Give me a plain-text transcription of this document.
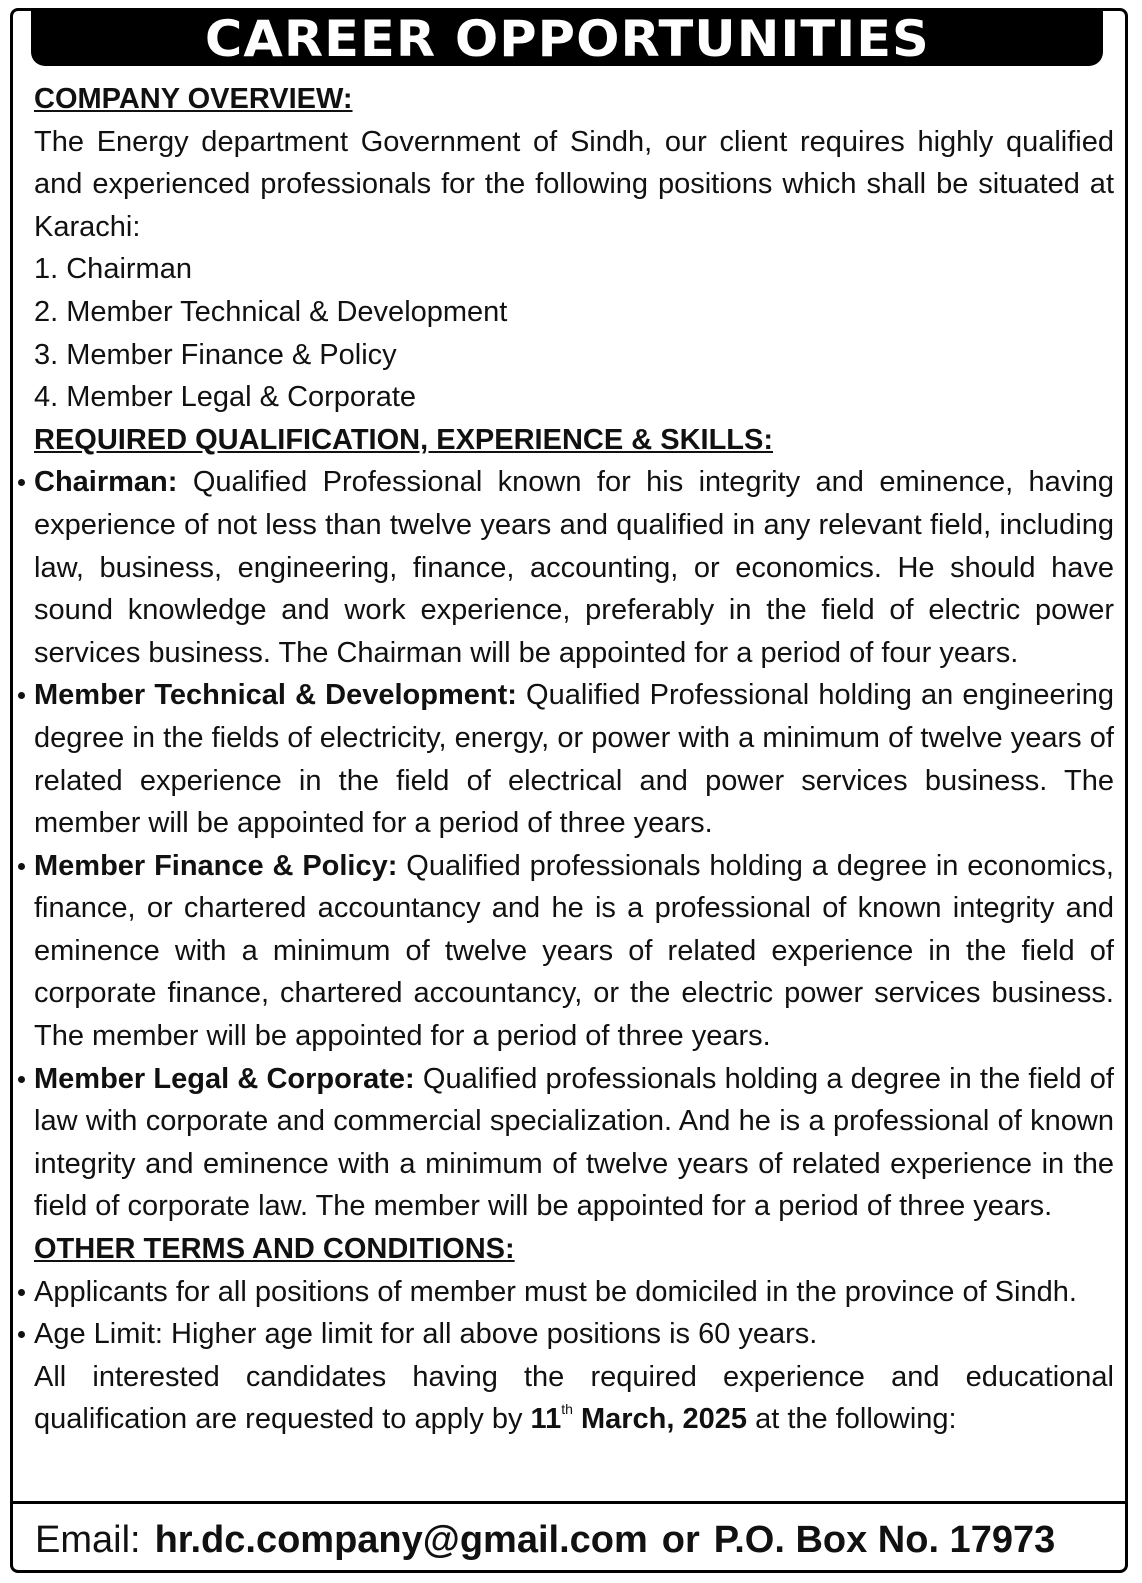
CAREER OPPORTUNITIES

COMPANY OVERVIEW:

The Energy department Government of Sindh, our client requires highly qualified and experienced professionals for the following positions which shall be situated at Karachi:

1. Chairman

2. Member Technical & Development

3. Member Finance & Policy

4. Member Legal & Corporate

REQUIRED QUALIFICATION, EXPERIENCE & SKILLS:

Chairman: Qualified Professional known for his integrity and eminence, having experience of not less than twelve years and qualified in any relevant field, including law, business, engineering, finance, accounting, or economics. He should have sound knowledge and work experience, preferably in the field of electric power services business. The Chairman will be appointed for a period of four years.

Member Technical & Development: Qualified Professional holding an engineering degree in the fields of electricity, energy, or power with a minimum of twelve years of related experience in the field of electrical and power services business. The member will be appointed for a period of three years.

Member Finance & Policy: Qualified professionals holding a degree in economics, finance, or chartered accountancy and he is a professional of known integrity and eminence with a minimum of twelve years of related experience in the field of corporate finance, chartered accountancy, or the electric power services business. The member will be appointed for a period of three years.

Member Legal & Corporate: Qualified professionals holding a degree in the field of law with corporate and commercial specialization. And he is a professional of known integrity and eminence with a minimum of twelve years of related experience in the field of corporate law. The member will be appointed for a period of three years.

OTHER TERMS AND CONDITIONS:

Applicants for all positions of member must be domiciled in the province of Sindh.

Age Limit: Higher age limit for all above positions is 60 years.

All interested candidates having the required experience and educational qualification are requested to apply by 11th March, 2025 at the following:

Email: hr.dc.company@gmail.com or P.O. Box No. 17973
